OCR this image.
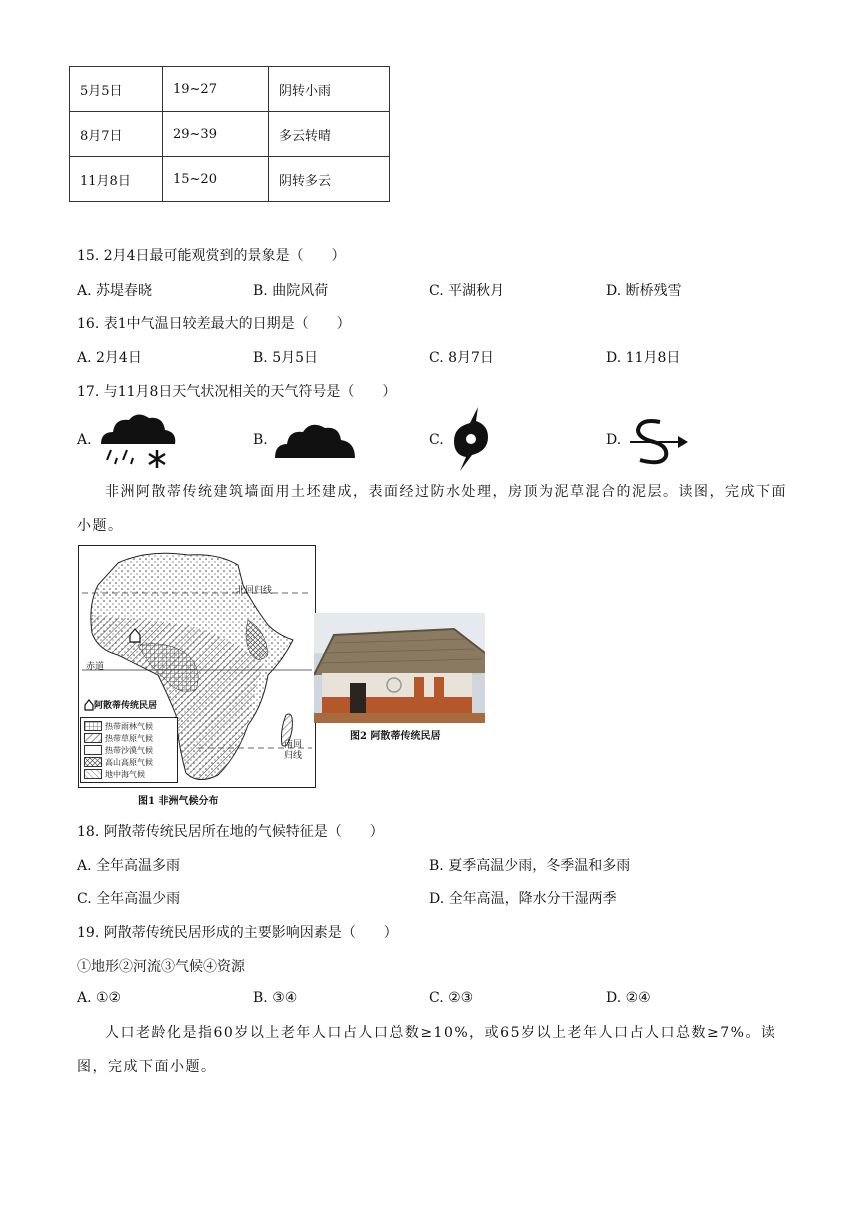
5月5日	19~27	阴转小雨
8月7日	29~39	多云转晴
11月8日	15~20	阴转多云
15. 2月4日最可能观赏到的景象是（　　）
A. 苏堤春晓	B. 曲院风荷	C. 平湖秋月	D. 断桥残雪
16. 表1中气温日较差最大的日期是（　　）
A. 2月4日	B. 5月5日	C. 8月7日	D. 11月8日
17. 与11月8日天气状况相关的天气符号是（　　）
A.	B.	C.	D.
非洲阿散蒂传统建筑墙面用土坯建成，表面经过防水处理，房顶为泥草混合的泥层。读图，完成下面小题。
北回归线
赤道
南回归线
阿散蒂传统民居
热带雨林气候
热带草原气候
热带沙漠气候
高山高原气候
地中海气候
图1 非洲气候分布
图2 阿散蒂传统民居
18. 阿散蒂传统民居所在地的气候特征是（　　）
A. 全年高温多雨	B. 夏季高温少雨，冬季温和多雨
C. 全年高温少雨	D. 全年高温，降水分干湿两季
19. 阿散蒂传统民居形成的主要影响因素是（　　）
①地形②河流③气候④资源
A. ①②	B. ③④	C. ②③	D. ②④
人口老龄化是指60岁以上老年人口占人口总数≥10%，或65岁以上老年人口占人口总数≥7%。读图，完成下面小题。
